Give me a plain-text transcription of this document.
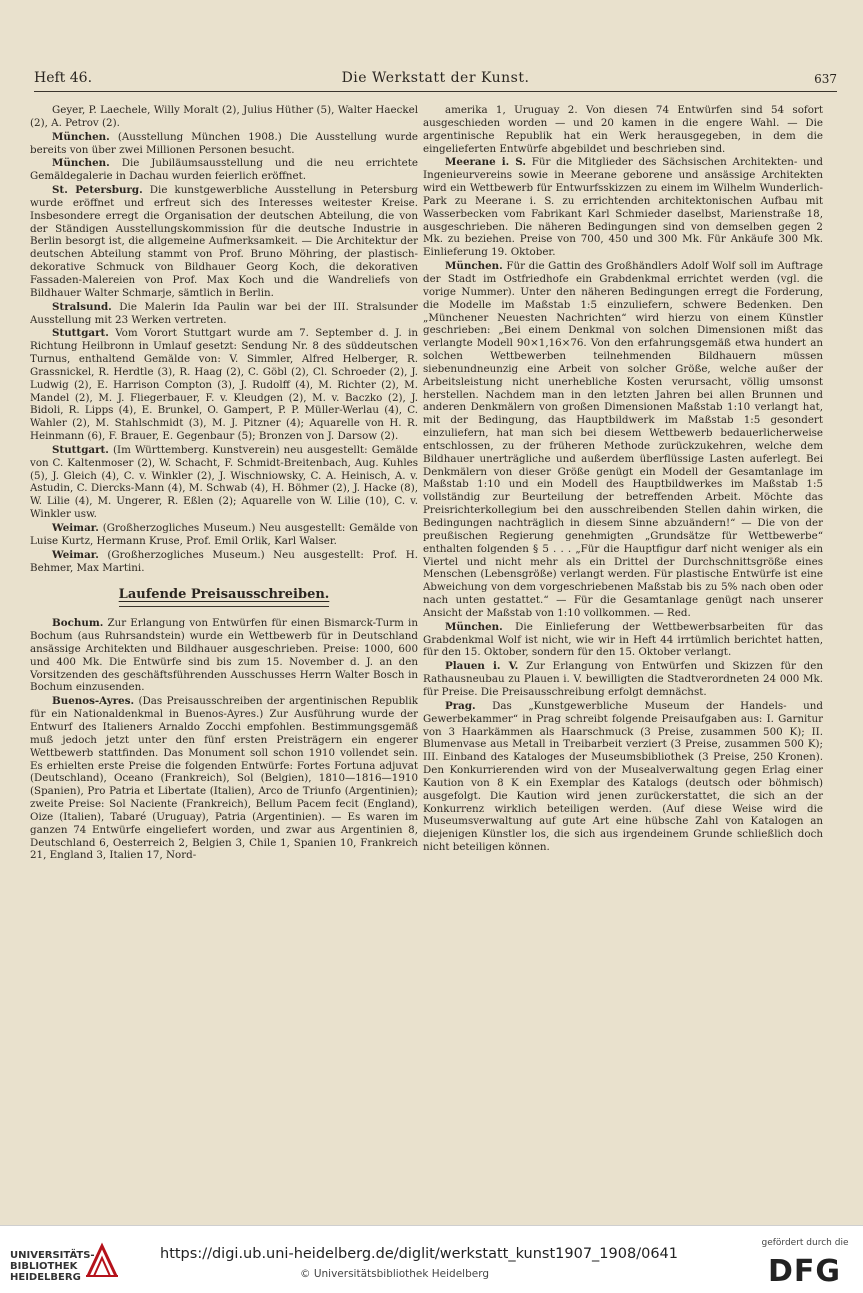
Heft 46.	Die Werkstatt der Kunst.	637

Geyer, P. Laechele, Willy Moralt (2), Julius Hüther (5), Walter Haeckel (2), A. Petrov (2).

München. (Ausstellung München 1908.) Die Ausstellung wurde bereits von über zwei Millionen Personen besucht.

München. Die Jubiläumsausstellung und die neu errichtete Gemäldegalerie in Dachau wurden feierlich eröffnet.

St. Petersburg. Die kunstgewerbliche Ausstellung in Petersburg wurde eröffnet und erfreut sich des Interesses weitester Kreise. Insbesondere erregt die Organisation der deutschen Abteilung, die von der Ständigen Ausstellungskommission für die deutsche Industrie in Berlin besorgt ist, die allgemeine Aufmerksamkeit. — Die Architektur der deutschen Abteilung stammt von Prof. Bruno Möhring, der plastisch-dekorative Schmuck von Bildhauer Georg Koch, die dekorativen Fassaden-Malereien von Prof. Max Koch und die Wandreliefs von Bildhauer Walter Schmarje, sämtlich in Berlin.

Stralsund. Die Malerin Ida Paulin war bei der III. Stralsunder Ausstellung mit 23 Werken vertreten.

Stuttgart. Vom Vorort Stuttgart wurde am 7. September d. J. in Richtung Heilbronn in Umlauf gesetzt: Sendung Nr. 8 des süddeutschen Turnus, enthaltend Gemälde von: V. Simmler, Alfred Helberger, R. Grassnickel, R. Herdtle (3), R. Haag (2), C. Göbl (2), Cl. Schroeder (2), J. Ludwig (2), E. Harrison Compton (3), J. Rudolff (4), M. Richter (2), M. Mandel (2), M. J. Fliegerbauer, F. v. Kleudgen (2), M. v. Baczko (2), J. Bidoli, R. Lipps (4), E. Brunkel, O. Gampert, P. P. Müller-Werlau (4), C. Wahler (2), M. Stahlschmidt (3), M. J. Pitzner (4); Aquarelle von H. R. Heinmann (6), F. Brauer, E. Gegenbaur (5); Bronzen von J. Darsow (2).

Stuttgart. (Im Württemberg. Kunstverein) neu ausgestellt: Gemälde von C. Kaltenmoser (2), W. Schacht, F. Schmidt-Breitenbach, Aug. Kuhles (5), J. Gleich (4), C. v. Winkler (2), J. Wischniowsky, C. A. Heinisch, A. v. Astudin, C. Diercks-Mann (4), M. Schwab (4), H. Böhmer (2), J. Hacke (8), W. Lilie (4), M. Ungerer, R. Eßlen (2); Aquarelle von W. Lilie (10), C. v. Winkler usw.

Weimar. (Großherzogliches Museum.) Neu ausgestellt: Gemälde von Luise Kurtz, Hermann Kruse, Prof. Emil Orlik, Karl Walser.

Weimar. (Großherzogliches Museum.) Neu ausgestellt: Prof. H. Behmer, Max Martini.

Laufende Preisausschreiben.

Bochum. Zur Erlangung von Entwürfen für einen Bismarck-Turm in Bochum (aus Ruhrsandstein) wurde ein Wettbewerb für in Deutschland ansässige Architekten und Bildhauer ausgeschrieben. Preise: 1000, 600 und 400 Mk. Die Entwürfe sind bis zum 15. November d. J. an den Vorsitzenden des geschäftsführenden Ausschusses Herrn Walter Bosch in Bochum einzusenden.

Buenos-Ayres. (Das Preisausschreiben der argentinischen Republik für ein Nationaldenkmal in Buenos-Ayres.) Zur Ausführung wurde der Entwurf des Italieners Arnaldo Zocchi empfohlen. Bestimmungsgemäß muß jedoch jetzt unter den fünf ersten Preisträgern ein engerer Wettbewerb stattfinden. Das Monument soll schon 1910 vollendet sein. Es erhielten erste Preise die folgenden Entwürfe: Fortes Fortuna adjuvat (Deutschland), Oceano (Frankreich), Sol (Belgien), 1810—1816—1910 (Spanien), Pro Patria et Libertate (Italien), Arco de Triunfo (Argentinien); zweite Preise: Sol Naciente (Frankreich), Bellum Pacem fecit (England), Oize (Italien), Tabaré (Uruguay), Patria (Argentinien). — Es waren im ganzen 74 Entwürfe eingeliefert worden, und zwar aus Argentinien 8, Deutschland 6, Oesterreich 2, Belgien 3, Chile 1, Spanien 10, Frankreich 21, England 3, Italien 17, Nord-

amerika 1, Uruguay 2. Von diesen 74 Entwürfen sind 54 sofort ausgeschieden worden — und 20 kamen in die engere Wahl. — Die argentinische Republik hat ein Werk herausgegeben, in dem die eingelieferten Entwürfe abgebildet und beschrieben sind.

Meerane i. S. Für die Mitglieder des Sächsischen Architekten- und Ingenieurvereins sowie in Meerane geborene und ansässige Architekten wird ein Wettbewerb für Entwurfsskizzen zu einem im Wilhelm Wunderlich-Park zu Meerane i. S. zu errichtenden architektonischen Aufbau mit Wasserbecken vom Fabrikant Karl Schmieder daselbst, Marienstraße 18, ausgeschrieben. Die näheren Bedingungen sind von demselben gegen 2 Mk. zu beziehen. Preise von 700, 450 und 300 Mk. Für Ankäufe 300 Mk. Einlieferung 19. Oktober.

München. Für die Gattin des Großhändlers Adolf Wolf soll im Auftrage der Stadt im Ostfriedhofe ein Grabdenkmal errichtet werden (vgl. die vorige Nummer). Unter den näheren Bedingungen erregt die Forderung, die Modelle im Maßstab 1:5 einzuliefern, schwere Bedenken. Den „Münchener Neuesten Nachrichten“ wird hierzu von einem Künstler geschrieben: „Bei einem Denkmal von solchen Dimensionen mißt das verlangte Modell 90×1,16×76. Von den erfahrungsgemäß etwa hundert an solchen Wettbewerben teilnehmenden Bildhauern müssen siebenundneunzig eine Arbeit von solcher Größe, welche außer der Arbeitsleistung nicht unerhebliche Kosten verursacht, völlig umsonst herstellen. Nachdem man in den letzten Jahren bei allen Brunnen und anderen Denkmälern von großen Dimensionen Maßstab 1:10 verlangt hat, mit der Bedingung, das Hauptbildwerk im Maßstab 1:5 gesondert einzuliefern, hat man sich bei diesem Wettbewerb bedauerlicherweise entschlossen, zu der früheren Methode zurückzukehren, welche dem Bildhauer unerträgliche und außerdem überflüssige Lasten auferlegt. Bei Denkmälern von dieser Größe genügt ein Modell der Gesamtanlage im Maßstab 1:10 und ein Modell des Hauptbildwerkes im Maßstab 1:5 vollständig zur Beurteilung der betreffenden Arbeit. Möchte das Preisrichterkollegium bei den ausschreibenden Stellen dahin wirken, die Bedingungen nachträglich in diesem Sinne abzuändern!“ — Die von der preußischen Regierung genehmigten „Grundsätze für Wettbewerbe“ enthalten folgenden § 5 . . . „Für die Hauptfigur darf nicht weniger als ein Viertel und nicht mehr als ein Drittel der Durchschnittsgröße eines Menschen (Lebensgröße) verlangt werden. Für plastische Entwürfe ist eine Abweichung von dem vorgeschriebenen Maßstab bis zu 5% nach oben oder nach unten gestattet.“ — Für die Gesamtanlage genügt nach unserer Ansicht der Maßstab von 1:10 vollkommen. — Red.

München. Die Einlieferung der Wettbewerbsarbeiten für das Grabdenkmal Wolf ist nicht, wie wir in Heft 44 irrtümlich berichtet hatten, für den 15. Oktober, sondern für den 15. Oktober verlangt.

Plauen i. V. Zur Erlangung von Entwürfen und Skizzen für den Rathausneubau zu Plauen i. V. bewilligten die Stadtverordneten 24 000 Mk. für Preise. Die Preisausschreibung erfolgt demnächst.

Prag. Das „Kunstgewerbliche Museum der Handels- und Gewerbekammer“ in Prag schreibt folgende Preisaufgaben aus: I. Garnitur von 3 Haarkämmen als Haarschmuck (3 Preise, zusammen 500 K); II. Blumenvase aus Metall in Treibarbeit verziert (3 Preise, zusammen 500 K); III. Einband des Kataloges der Museumsbibliothek (3 Preise, 250 Kronen). Den Konkurrierenden wird von der Musealverwaltung gegen Erlag einer Kaution von 8 K ein Exemplar des Katalogs (deutsch oder böhmisch) ausgefolgt. Die Kaution wird jenen zurückerstattet, die sich an der Konkurrenz wirklich beteiligen werden. (Auf diese Weise wird die Museumsverwaltung auf gute Art eine hübsche Zahl von Katalogen an diejenigen Künstler los, die sich aus irgendeinem Grunde schließlich doch nicht beteiligen können.

UNIVERSITÄTS-
BIBLIOTHEK
HEIDELBERG
https://digi.ub.uni-heidelberg.de/diglit/werkstatt_kunst1907_1908/0641
© Universitätsbibliothek Heidelberg
gefördert durch die
DFG
